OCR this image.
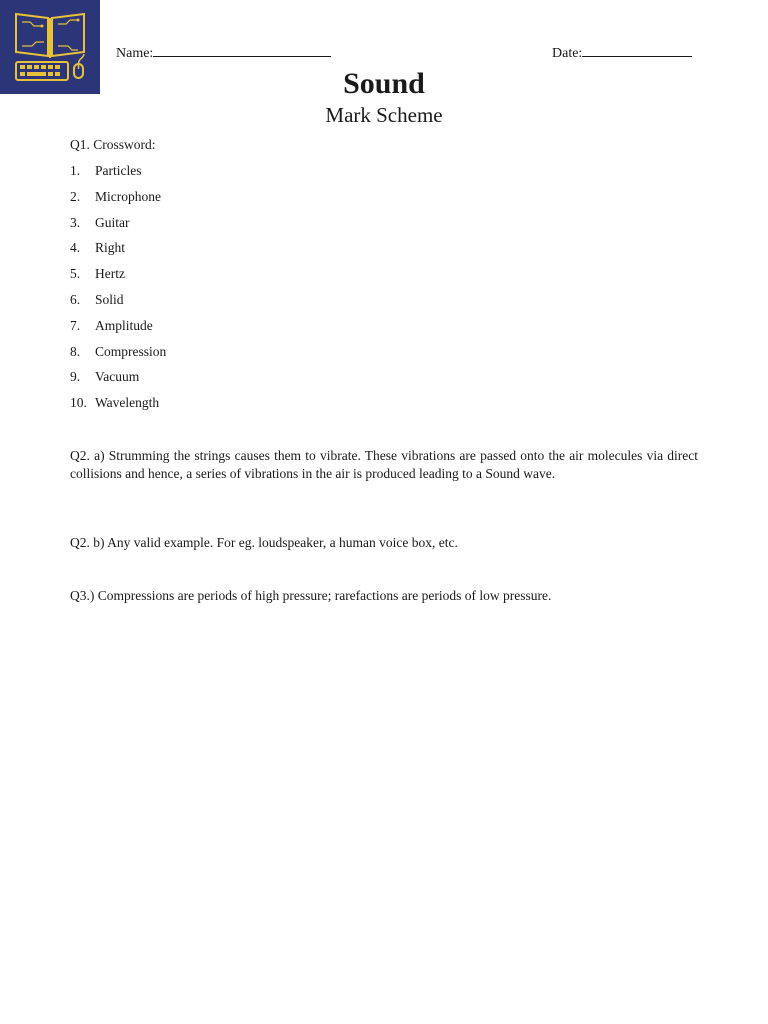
Name:	Date:
Sound
Mark Scheme
Q1. Crossword:
1. Particles
2. Microphone
3. Guitar
4. Right
5. Hertz
6. Solid
7. Amplitude
8. Compression
9. Vacuum
10. Wavelength

Q2. a) Strumming the strings causes them to vibrate. These vibrations are passed onto the air molecules via direct collisions and hence, a series of vibrations in the air is produced leading to a Sound wave.

Q2. b) Any valid example. For eg. loudspeaker, a human voice box, etc.

Q3.) Compressions are periods of high pressure; rarefactions are periods of low pressure.
